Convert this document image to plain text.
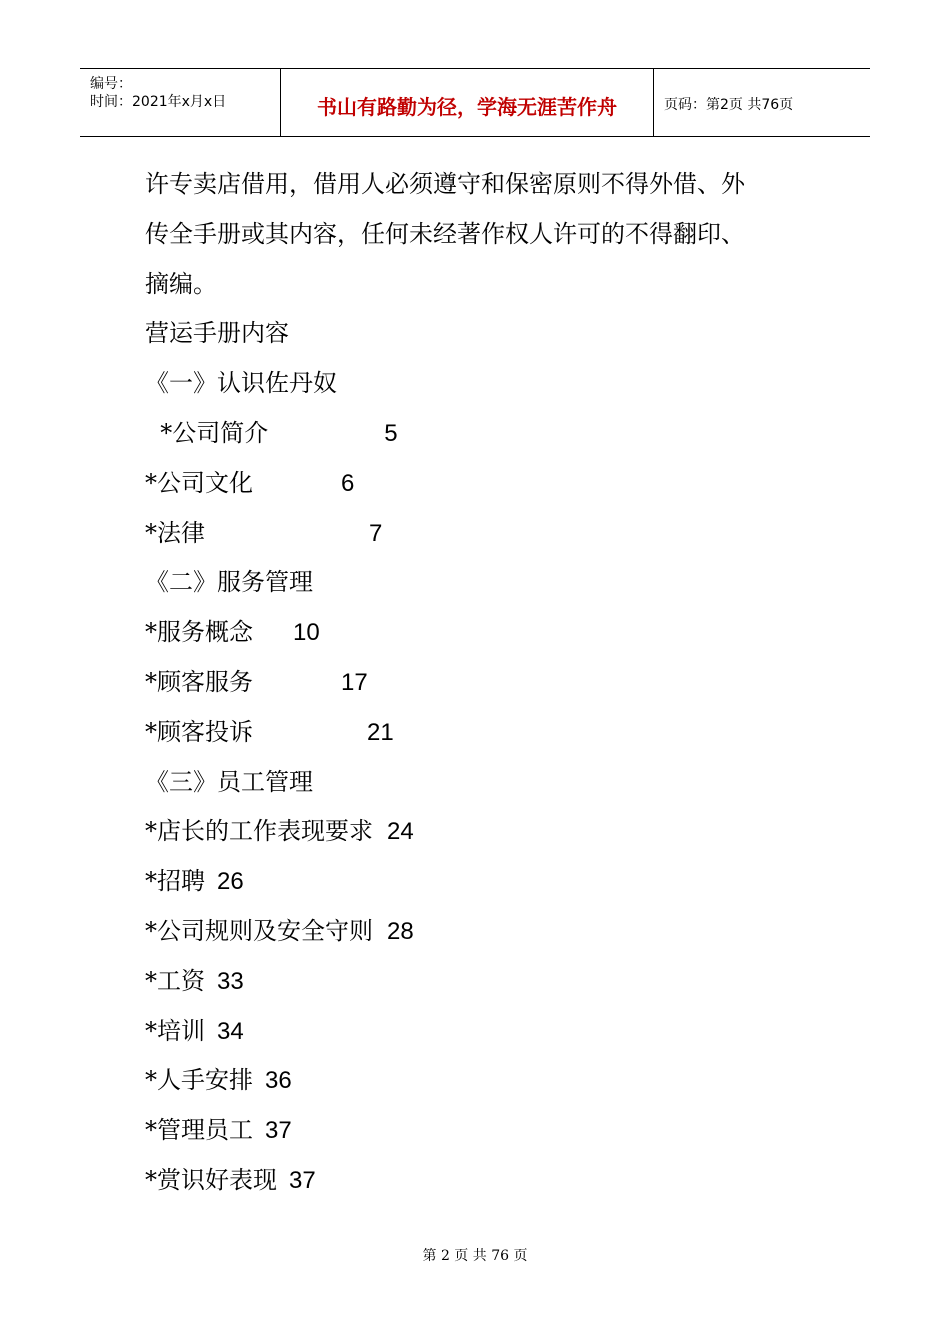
编号：
时间：2021年x月x日	书山有路勤为径，学海无涯苦作舟	页码：第2页 共76页
许专卖店借用，借用人必须遵守和保密原则不得外借、外
传全手册或其内容，任何未经著作权人许可的不得翻印、
摘编。
营运手册内容
《一》认识佐丹奴
*公司简介	5
*公司文化	6
*法律	7
《二》服务管理
*服务概念 10
*顾客服务	17
*顾客投诉	21
《三》员工管理
*店长的工作表现要求 24
*招聘 26
*公司规则及安全守则 28
*工资 33
*培训 34
*人手安排 36
*管理员工 37
*赏识好表现 37
第 2 页 共 76 页
